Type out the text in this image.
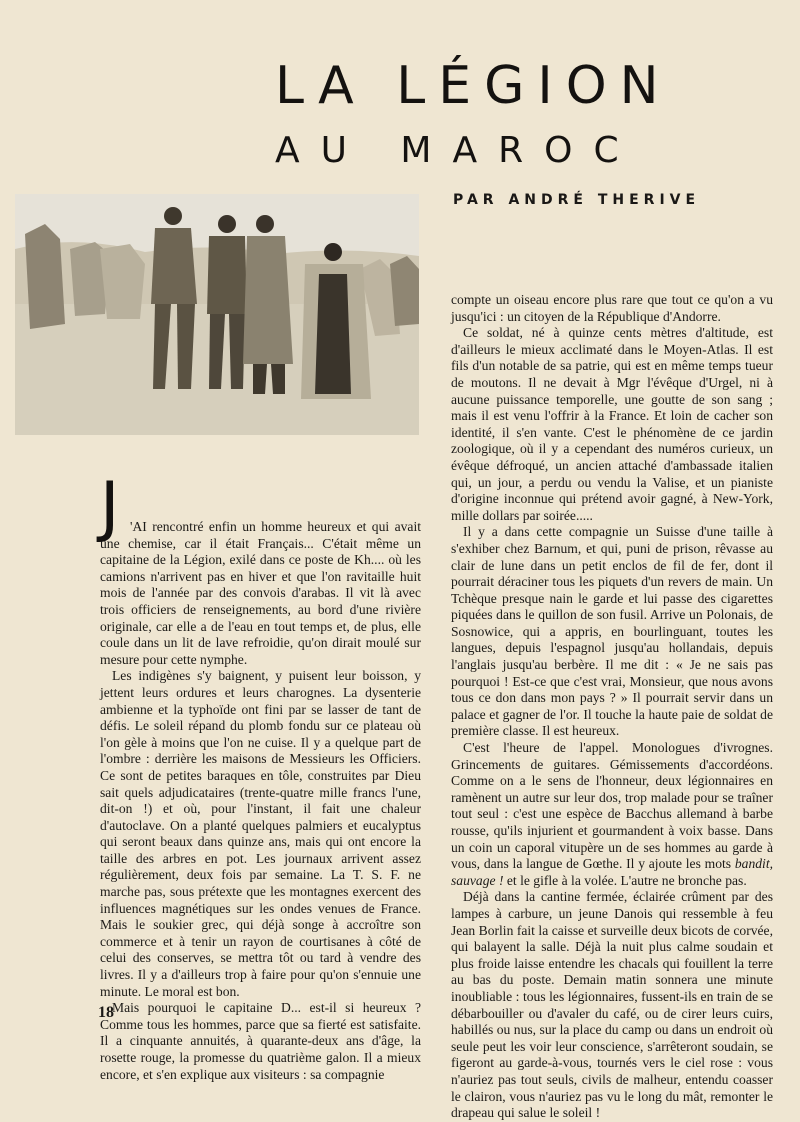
LA LÉGION
AU MAROC
PAR ANDRÉ THERIVE
J 'AI rencontré enfin un homme heureux et qui avait une chemise, car il était Français... C'était même un capitaine de la Légion, exilé dans ce poste de Kh.... où les camions n'arrivent pas en hiver et que l'on ravitaille huit mois de l'année par des convois d'arabas. Il vit là avec trois officiers de renseignements, au bord d'une rivière originale, car elle a de l'eau en tout temps et, de plus, elle coule dans un lit de lave refroidie, qu'on dirait moulé sur mesure pour cette nymphe.

Les indigènes s'y baignent, y puisent leur boisson, y jettent leurs ordures et leurs charognes. La dysenterie ambienne et la typhoïde ont fini par se lasser de tant de défis. Le soleil répand du plomb fondu sur ce plateau où l'on gèle à moins que l'on ne cuise. Il y a quelque part de l'ombre : derrière les maisons de Messieurs les Officiers. Ce sont de petites baraques en tôle, construites par Dieu sait quels adjudicataires (trente-quatre mille francs l'une, dit-on !) et où, pour l'instant, il fait une chaleur d'autoclave. On a planté quelques palmiers et eucalyptus qui seront beaux dans quinze ans, mais qui ont encore la taille des arbres en pot. Les journaux arrivent assez régulièrement, deux fois par semaine. La T. S. F. ne marche pas, sous prétexte que les montagnes exercent des influences magnétiques sur les ondes venues de France. Mais le soukier grec, qui déjà songe à accroître son commerce et à tenir un rayon de courtisanes à côté de celui des conserves, se mettra tôt ou tard à vendre des livres. Il y a d'ailleurs trop à faire pour qu'on s'ennuie une minute. Le moral est bon.

Mais pourquoi le capitaine D... est-il si heureux ? Comme tous les hommes, parce que sa fierté est satisfaite. Il a cinquante annuités, à quarante-deux ans d'âge, la rosette rouge, la promesse du quatrième galon. Il a mieux encore, et s'en explique aux visiteurs : sa compagnie

compte un oiseau encore plus rare que tout ce qu'on a vu jusqu'ici : un citoyen de la République d'Andorre.

Ce soldat, né à quinze cents mètres d'altitude, est d'ailleurs le mieux acclimaté dans le Moyen-Atlas. Il est fils d'un notable de sa patrie, qui est en même temps tueur de moutons. Il ne devait à Mgr l'évêque d'Urgel, ni à aucune puissance temporelle, une goutte de son sang ; mais il est venu l'offrir à la France. Et loin de cacher son identité, il s'en vante. C'est le phénomène de ce jardin zoologique, où il y a cependant des numéros curieux, un évêque défroqué, un ancien attaché d'ambassade italien qui, un jour, a perdu ou vendu la Valise, et un pianiste d'origine inconnue qui prétend avoir gagné, à New-York, mille dollars par soirée.....

Il y a dans cette compagnie un Suisse d'une taille à s'exhiber chez Barnum, et qui, puni de prison, rêvasse au clair de lune dans un petit enclos de fil de fer, dont il pourrait déraciner tous les piquets d'un revers de main. Un Tchèque presque nain le garde et lui passe des cigarettes piquées dans le quillon de son fusil. Arrive un Polonais, de Sosnowice, qui a appris, en bourlinguant, toutes les langues, depuis l'espagnol jusqu'au hollandais, depuis l'anglais jusqu'au berbère. Il me dit : « Je ne sais pas pourquoi ! Est-ce que c'est vrai, Monsieur, que nous avons tous ce don dans mon pays ? » Il pourrait servir dans un palace et gagner de l'or. Il touche la haute paie de soldat de première classe. Il est heureux.

C'est l'heure de l'appel. Monologues d'ivrognes. Grincements de guitares. Gémissements d'accordéons. Comme on a le sens de l'honneur, deux légionnaires en ramènent un autre sur leur dos, trop malade pour se traîner tout seul : c'est une espèce de Bacchus allemand à barbe rousse, qu'ils injurient et gourmandent à voix basse. Dans un coin un caporal vitupère un de ses hommes au garde à vous, dans la langue de Gœthe. Il y ajoute les mots bandit, sauvage ! et le gifle à la volée. L'autre ne bronche pas.

Déjà dans la cantine fermée, éclairée crûment par des lampes à carbure, un jeune Danois qui ressemble à feu Jean Borlin fait la caisse et surveille deux bicots de corvée, qui balayent la salle. Déjà la nuit plus calme soudain et plus froide laisse entendre les chacals qui fouillent la terre au bas du poste. Demain matin sonnera une minute inoubliable : tous les légionnaires, fussent-ils en train de se débarbouiller ou d'avaler du café, ou de cirer leurs cuirs, habillés ou nus, sur la place du camp ou dans un endroit où seule peut les voir leur conscience, s'arrêteront soudain, se figeront au garde-à-vous, tournés vers le ciel rose : vous n'auriez pas tout seuls, civils de malheur, entendu coasser le clairon, vous n'auriez pas vu le long du mât, remonter le drapeau qui salue le soleil !

18
